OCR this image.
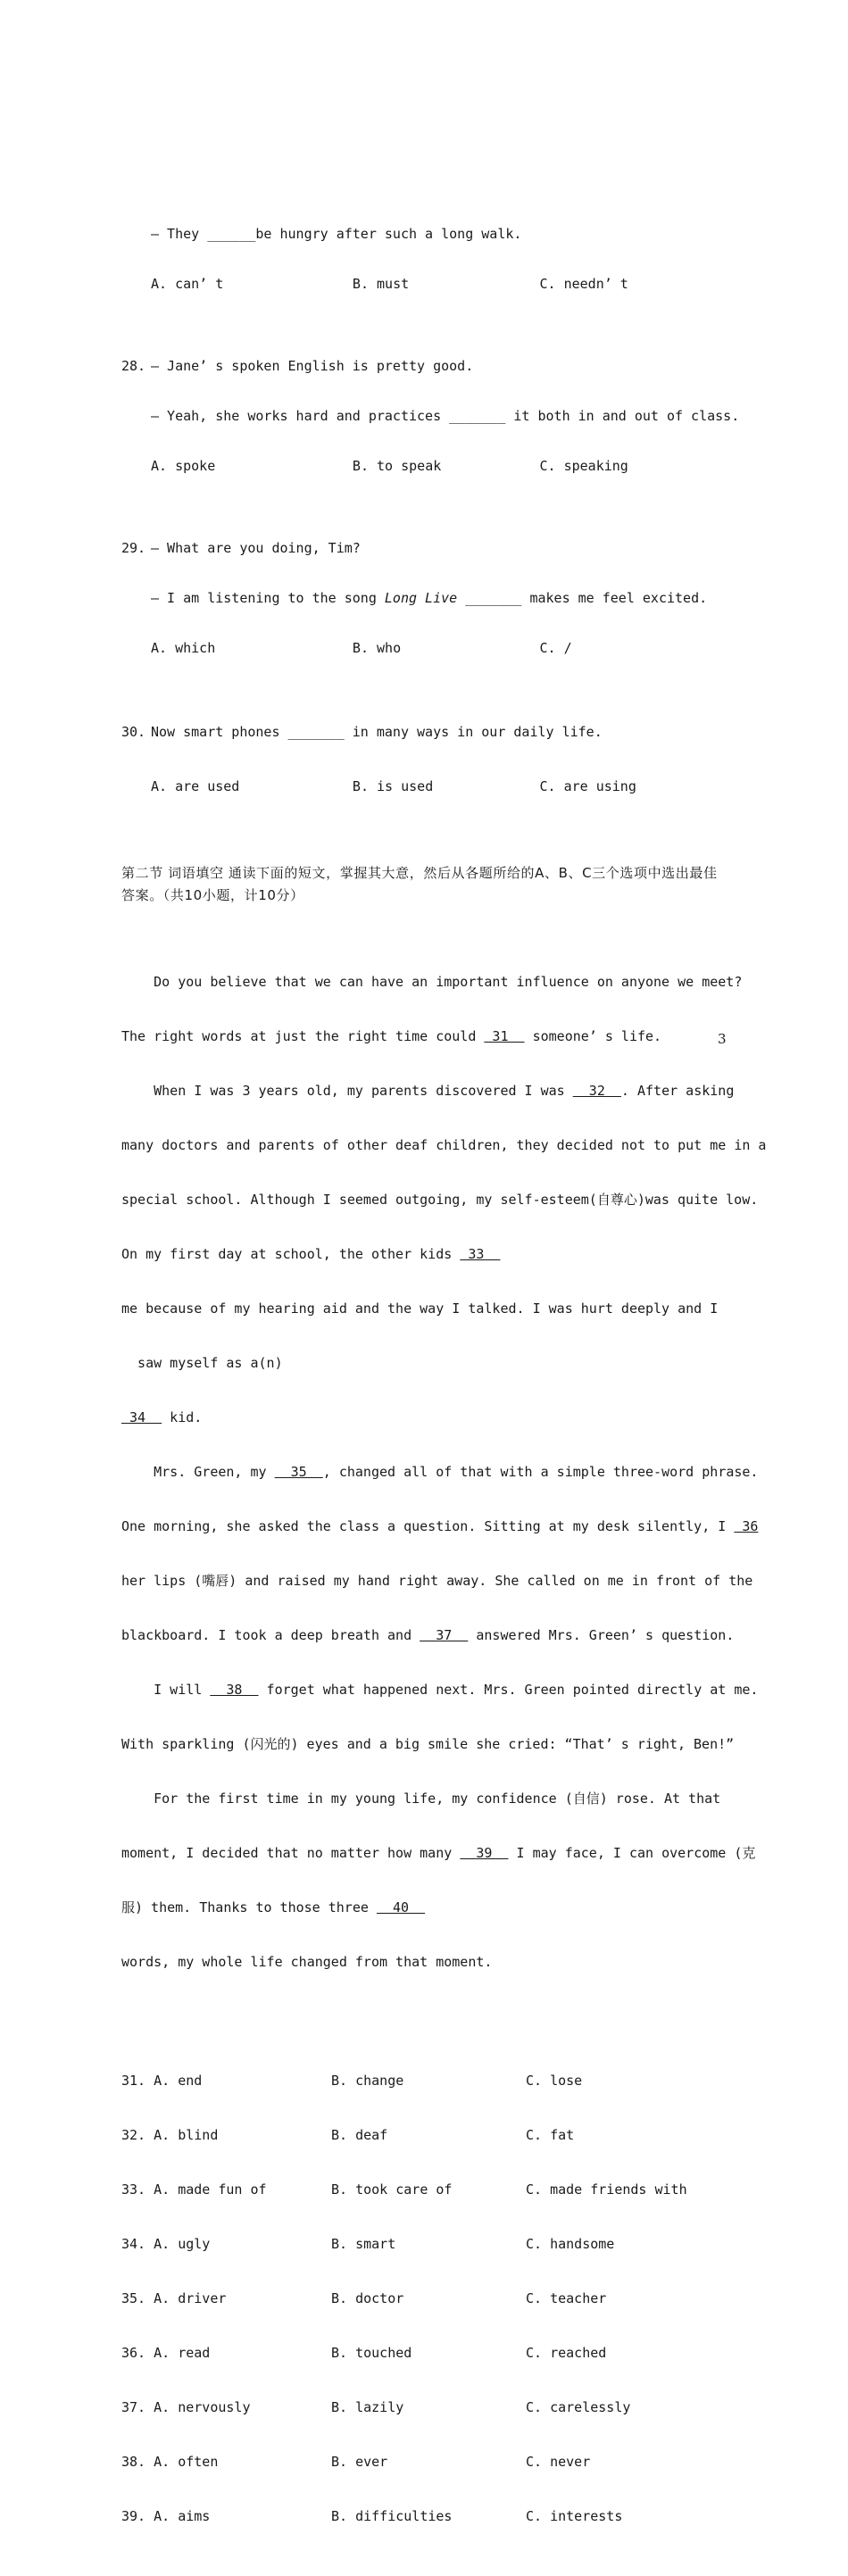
— They ______be hungry after such a long walk.

A. can’ t	B. must	C. needn’ t

28. — Jane’ s spoken English is pretty good.

— Yeah, she works hard and practices _______ it both in and out of class.

A. spoke	B. to speak	C. speaking

29. — What are you doing, Tim?

— I am listening to the song Long Live _______ makes me feel excited.

A. which	B. who	C. /

30. Now smart phones _______ in many ways in our daily life.

A. are used	B. is used	C. are using

第二节 词语填空 通读下面的短文，掌握其大意，然后从各题所给的A、B、C三个选项中选出最佳答案。（共10小题，计10分）

Do you believe that we can have an important influence on anyone we meet?

The right words at just the right time could  31   someone’ s life.

When I was 3 years old, my parents discovered I was   32  . After asking

many doctors and parents of other deaf children, they decided not to put me in a

special school. Although I seemed outgoing, my self-esteem(自尊心)was quite low.

On my first day at school, the other kids  33

me because of my hearing aid and the way I talked. I was hurt deeply and I

saw myself as a(n)

34   kid.

Mrs. Green, my   35  , changed all of that with a simple three-word phrase.

One morning, she asked the class a question. Sitting at my desk silently, I  36

her lips (嘴唇) and raised my hand right away. She called on me in front of the

blackboard. I took a deep breath and   37   answered Mrs. Green’ s question.

I will   38   forget what happened next. Mrs. Green pointed directly at me.

With sparkling (闪光的) eyes and a big smile she cried: “That’ s right, Ben!”

For the first time in my young life, my confidence (自信) rose. At that

moment, I decided that no matter how many   39   I may face, I can overcome (克

服) them. Thanks to those three   40

words, my whole life changed from that moment.

31. A. end	B. change	C. lose

32. A. blind	B. deaf	C. fat

33. A. made fun of	B. took care of	C. made friends with

34. A. ugly	B. smart	C. handsome

35. A. driver	B. doctor	C. teacher

36. A. read	B. touched	C. reached

37. A. nervously	B. lazily	C. carelessly

38. A. often	B. ever	C. never

39. A. aims	B. difficulties	C. interests

3
